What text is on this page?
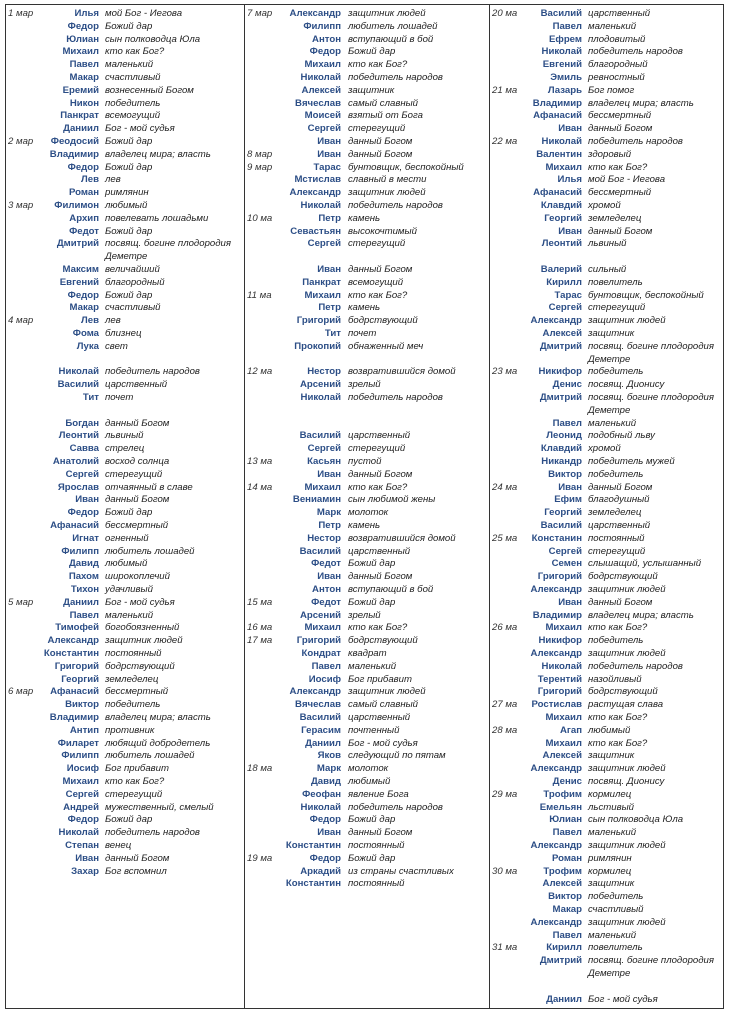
1 мар	Илья мой Бог - Иегова
Федор Божий дар
Юлиан сын полководца Юла
Михаил кто как Бог?
Павел маленький
Макар счастливый
Еремий вознесенный Богом
Никон победитель
Панкрат всемогущий
Даниил Бог - мой судья
2 мар Феодосий Божий дар
Владимир владелец мира; власть
Федор Божий дар
Лев лев
Роман римлянин
3 мар Филимон любимый
Архип повелевать лошадьми
Федот Божий дар
Дмитрий посвящ. богине плодородия
Деметре
Максим величайший
Евгений благородный
Федор Божий дар
Макар счастливый
4 мар	Лев лев
Фома близнец
Лука свет
Николай победитель народов
Василий царственный
Тит почет
Богдан данный Богом
Леонтий львиный
Савва стрелец
Анатолий восход солнца
Сергей стерегущий
Ярослав отчаянный в славе
Иван данный Богом
Федор Божий дар
Афанасий бессмертный
Игнат огненный
Филипп любитель лошадей
Давид любимый
Пахом широкоплечий
Тихон удачливый
5 мар	Даниил Бог - мой судья
Павел маленький
Тимофей богобоязненный
Александр защитник людей
Константин постоянный
Григорий бодрствующий
Георгий земледелец
6 мар Афанасий бессмертный
Виктор победитель
Владимир владелец мира; власть
Антип противник
Филарет любящий добродетель
Филипп любитель лошадей
Иосиф Бог прибавит
Михаил кто как Бог?
Сергей стерегущий
Андрей мужественный, смелый
Федор Божий дар
Николай победитель народов
Степан венец
Иван данный Богом
Захар Бог вспомнил
7 мар Александр защитник людей
Филипп любитель лошадей
Антон вступающий в бой
Федор Божий дар
Михаил кто как Бог?
Николай победитель народов
Алексей защитник
Вячеслав самый славный
Моисей взятый от Бога
Сергей стерегущий
Иван данный Богом
8 мар	Иван данный Богом
9 мар	Тарас бунтовщик, беспокойный
Мстислав славный в мести
Александр защитник людей
Николай победитель народов
10 ма	Петр камень
Севастьян высокочтимый
Сергей стерегущий
Иван данный Богом
Панкрат всемогущий
11 ма	Михаил кто как Бог?
Петр камень
Григорий бодрствующий
Тит почет
Прокопий обнаженный меч
12 ма	Нестор возвратившийся домой
Арсений зрелый
Николай победитель народов
Василий царственный
Сергей стерегущий
13 ма	Касьян пустой
Иван данный Богом
14 ма	Михаил кто как Бог?
Вениамин сын любимой жены
Марк молоток
Петр камень
Нестор возвратившийся домой
Василий царственный
Федот Божий дар
Иван данный Богом
Антон вступающий в бой
15 ма	Федот Божий дар
Арсений зрелый
16 ма	Михаил кто как Бог?
17 ма	Григорий бодрствующий
Кондрат квадрат
Павел маленький
Иосиф Бог прибавит
Александр защитник людей
Вячеслав самый славный
Василий царственный
Герасим почтенный
Даниил Бог - мой судья
Яков следующий по пятам
18 ма	Марк молоток
Давид любимый
Феофан явление Бога
Николай победитель народов
Федор Божий дар
Иван данный Богом
Константин постоянный
19 ма	Федор Божий дар
Аркадий из страны счастливых
Константин постоянный
20 ма Василий царственный
Павел маленький
Ефрем плодовитый
Николай победитель народов
Евгений благородный
Эмиль ревностный
21 ма	Лазарь Бог помог
Владимир владелец мира; власть
Афанасий бессмертный
Иван данный Богом
22 ма	Николай победитель народов
Валентин здоровый
Михаил кто как Бог?
Илья мой Бог - Иегова
Афанасий бессмертный
Клавдий хромой
Георгий земледелец
Иван данный Богом
Леонтий львиный
Валерий сильный
Кирилл повелитель
Тарас бунтовщик, беспокойный
Сергей стерегущий
Александр защитник людей
Алексей защитник
Дмитрий посвящ. богине плодородия
Деметре
23 ма Никифор победитель
Денис посвящ. Дионису
Дмитрий посвящ. богине плодородия
Деметре
Павел маленький
Леонид подобный льву
Клавдий хромой
Никандр победитель мужей
Виктор победитель
24 ма	Иван данный Богом
Ефим благодушный
Георгий земледелец
Василий царственный
25 ма Констанин постоянный
Сергей стерегущий
Семен слышащий, услышанный
Григорий бодрствующий
Александр защитник людей
Иван данный Богом
Владимир владелец мира; власть
26 ма	Михаил кто как Бог?
Никифор победитель
Александр защитник людей
Николай победитель народов
Терентий назойливый
Григорий бодрствующий
27 ма Ростислав растущая слава
Михаил кто как Бог?
28 ма	Агап любимый
Михаил кто как Бог?
Алексей защитник
Александр защитник людей
Денис посвящ. Дионису
29 ма	Трофим кормилец
Емельян льстивый
Юлиан сын полководца Юла
Павел маленький
Александр защитник людей
Роман римлянин
30 ма	Трофим кормилец
Алексей защитник
Виктор победитель
Макар счастливый
Александр защитник людей
Павел маленький
31 ма	Кирилл повелитель
Дмитрий посвящ. богине плодородия
Деметре
Даниил Бог - мой судья
